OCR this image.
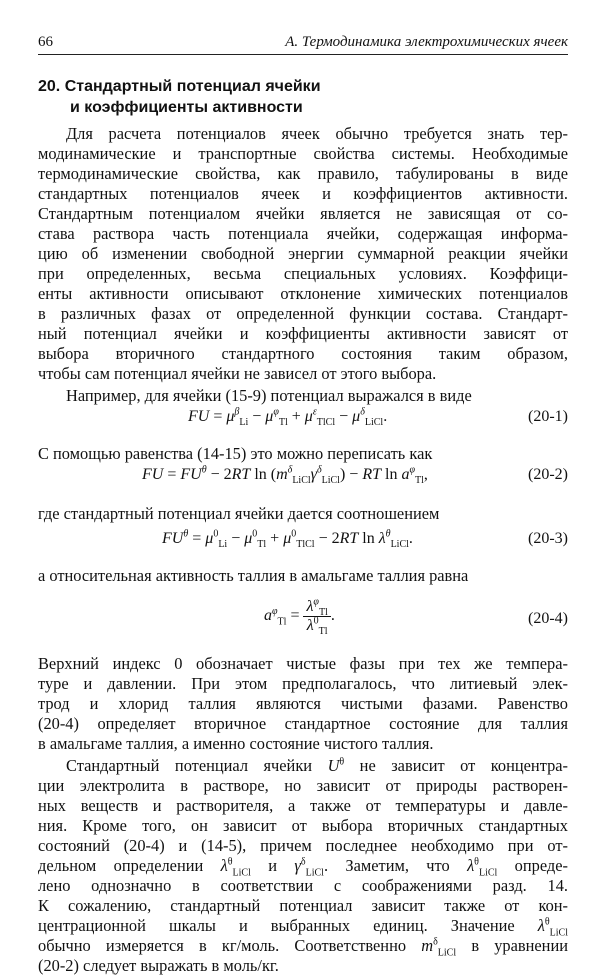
66	А. Термодинамика электрохимических ячеек
20. Стандартный потенциал ячейки
и коэффициенты активности
Для расчета потенциалов ячеек обычно требуется знать тер-
модинамические и транспортные свойства системы. Необходимые
термодинамические свойства, как правило, табулированы в виде
стандартных потенциалов ячеек и коэффициентов активности.
Стандартным потенциалом ячейки является не зависящая от со-
става раствора часть потенциала ячейки, содержащая информа-
цию об изменении свободной энергии суммарной реакции ячейки
при определенных, весьма специальных условиях. Коэффици-
енты активности описывают отклонение химических потенциалов
в различных фазах от определенной функции состава. Стандарт-
ный потенциал ячейки и коэффициенты активности зависят от
выбора вторичного стандартного состояния таким образом,
чтобы сам потенциал ячейки не зависел от этого выбора.
Например, для ячейки (15-9) потенциал выражался в виде
FU = $\mu^\beta_{Li} - \mu^\varphi_{Tl} + \mu^\varepsilon_{TlCl} - \mu^\delta_{LiCl}$.	(20-1)
С помощью равенства (14-15) это можно переписать как
FU = $FU^\theta - 2RT$ $\ln (m^\delta_{LiCl}\gamma^\delta_{LiCl})$ − RT $\ln a^\varphi_{Tl}$,	(20-2)
где стандартный потенциал ячейки дается соотношением
$FU^\theta = \mu^0_{Li} - \mu^0_{Tl} + \mu^0_{TlCl} - 2RT$ $\ln \lambda^\theta_{LiCl}$.	(20-3)
а относительная активность таллия в амальгаме таллия равна
$a^\varphi_{Tl} = \frac{\lambda^\varphi_{Tl}}{\lambda^0_{Tl}}$ .	(20-4)
Верхний индекс 0 обозначает чистые фазы при тех же темпера-
туре и давлении. При этом предполагалось, что литиевый элек-
трод и хлорид таллия являются чистыми фазами. Равенство
(20-4) определяет вторичное стандартное состояние для таллия
в амальгаме таллия, а именно состояние чистого таллия.
Стандартный потенциал ячейки $U^\theta$ не зависит от концентра-
ции электролита в растворе, но зависит от природы растворен-
ных веществ и растворителя, а также от температуры и давле-
ния. Кроме того, он зависит от выбора вторичных стандартных
состояний (20-4) и (14-5), причем последнее необходимо при от-
дельном определении $\lambda^\theta_{LiCl}$ и $\gamma^\delta_{LiCl}$. Заметим, что $\lambda^\theta_{LiCl}$ опреде-
лено однозначно в соответствии с соображениями разд. 14.
К сожалению, стандартный потенциал зависит также от кон-
центрационной шкалы и выбранных единиц. Значение $\lambda^\theta_{LiCl}$
обычно измеряется в кг/моль. Соответственно $m^\delta_{LiCl}$ в уравнении
(20-2) следует выражать в моль/кг.
